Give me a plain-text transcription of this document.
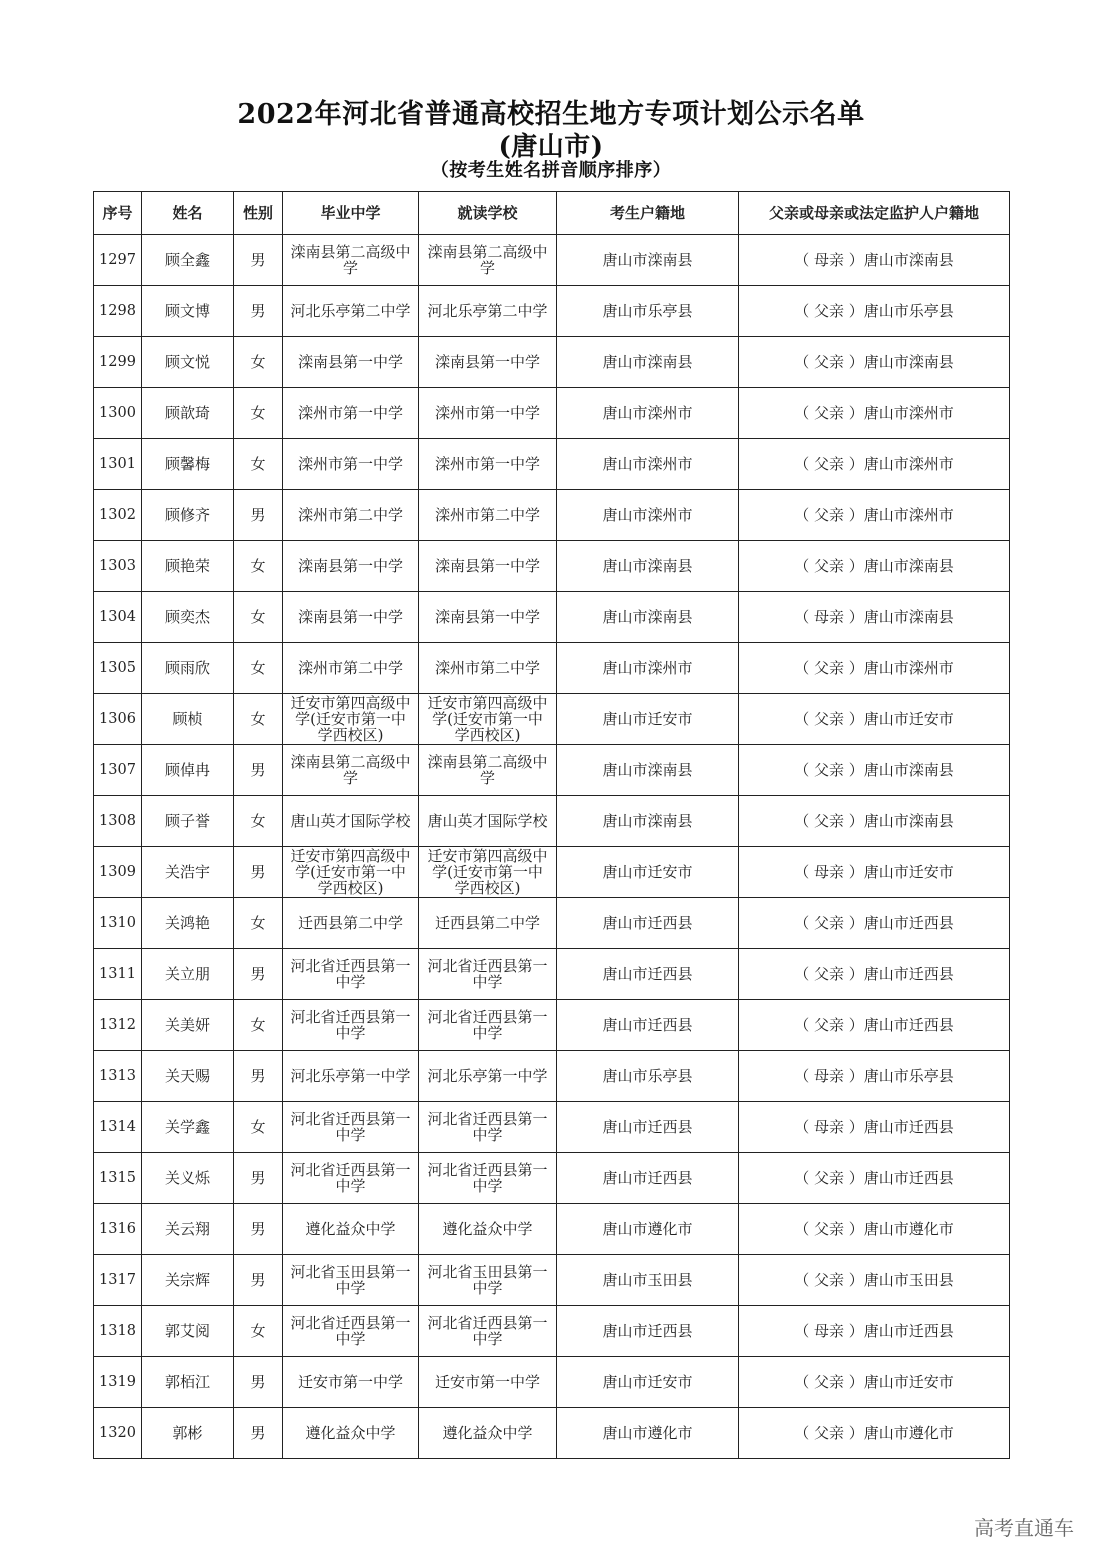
2022年河北省普通高校招生地方专项计划公示名单
(唐山市)
（按考生姓名拼音顺序排序）
序号	姓名	性别	毕业中学	就读学校	考生户籍地	父亲或母亲或法定监护人户籍地
1297	顾全鑫	男	滦南县第二高级中学	滦南县第二高级中学	唐山市滦南县	（ 母亲 ）唐山市滦南县
1298	顾文博	男	河北乐亭第二中学	河北乐亭第二中学	唐山市乐亭县	（ 父亲 ）唐山市乐亭县
1299	顾文悦	女	滦南县第一中学	滦南县第一中学	唐山市滦南县	（ 父亲 ）唐山市滦南县
1300	顾歆琦	女	滦州市第一中学	滦州市第一中学	唐山市滦州市	（ 父亲 ）唐山市滦州市
1301	顾馨梅	女	滦州市第一中学	滦州市第一中学	唐山市滦州市	（ 父亲 ）唐山市滦州市
1302	顾修齐	男	滦州市第二中学	滦州市第二中学	唐山市滦州市	（ 父亲 ）唐山市滦州市
1303	顾艳荣	女	滦南县第一中学	滦南县第一中学	唐山市滦南县	（ 父亲 ）唐山市滦南县
1304	顾奕杰	女	滦南县第一中学	滦南县第一中学	唐山市滦南县	（ 母亲 ）唐山市滦南县
1305	顾雨欣	女	滦州市第二中学	滦州市第二中学	唐山市滦州市	（ 父亲 ）唐山市滦州市
1306	顾桢	女	迁安市第四高级中学(迁安市第一中学西校区)	迁安市第四高级中学(迁安市第一中学西校区)	唐山市迁安市	（ 父亲 ）唐山市迁安市
1307	顾倬冉	男	滦南县第二高级中学	滦南县第二高级中学	唐山市滦南县	（ 父亲 ）唐山市滦南县
1308	顾子誉	女	唐山英才国际学校	唐山英才国际学校	唐山市滦南县	（ 父亲 ）唐山市滦南县
1309	关浩宇	男	迁安市第四高级中学(迁安市第一中学西校区)	迁安市第四高级中学(迁安市第一中学西校区)	唐山市迁安市	（ 母亲 ）唐山市迁安市
1310	关鸿艳	女	迁西县第二中学	迁西县第二中学	唐山市迁西县	（ 父亲 ）唐山市迁西县
1311	关立朋	男	河北省迁西县第一中学	河北省迁西县第一中学	唐山市迁西县	（ 父亲 ）唐山市迁西县
1312	关美妍	女	河北省迁西县第一中学	河北省迁西县第一中学	唐山市迁西县	（ 父亲 ）唐山市迁西县
1313	关天赐	男	河北乐亭第一中学	河北乐亭第一中学	唐山市乐亭县	（ 母亲 ）唐山市乐亭县
1314	关学鑫	女	河北省迁西县第一中学	河北省迁西县第一中学	唐山市迁西县	（ 母亲 ）唐山市迁西县
1315	关义烁	男	河北省迁西县第一中学	河北省迁西县第一中学	唐山市迁西县	（ 父亲 ）唐山市迁西县
1316	关云翔	男	遵化益众中学	遵化益众中学	唐山市遵化市	（ 父亲 ）唐山市遵化市
1317	关宗辉	男	河北省玉田县第一中学	河北省玉田县第一中学	唐山市玉田县	（ 父亲 ）唐山市玉田县
1318	郭艾阅	女	河北省迁西县第一中学	河北省迁西县第一中学	唐山市迁西县	（ 母亲 ）唐山市迁西县
1319	郭栢江	男	迁安市第一中学	迁安市第一中学	唐山市迁安市	（ 父亲 ）唐山市迁安市
1320	郭彬	男	遵化益众中学	遵化益众中学	唐山市遵化市	（ 父亲 ）唐山市遵化市
高考直通车
